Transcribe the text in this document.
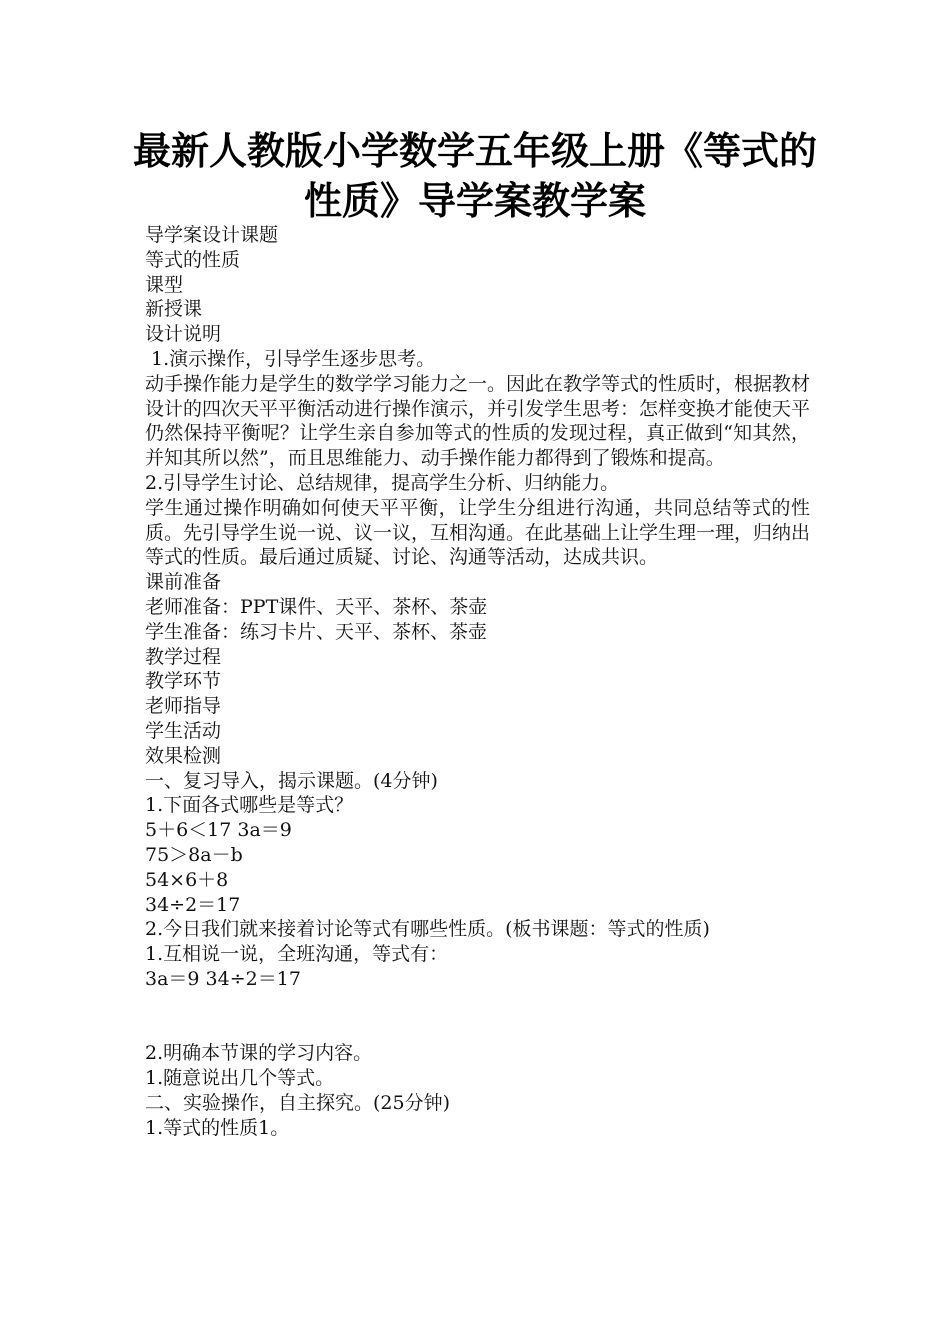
最新人教版小学数学五年级上册《等式的性质》导学案教学案
导学案设计课题
等式的性质
课型
新授课
设计说明
1.演示操作，引导学生逐步思考。
动手操作能力是学生的数学学习能力之一。因此在教学等式的性质时，根据教材设计的四次天平平衡活动进行操作演示，并引发学生思考：怎样变换才能使天平仍然保持平衡呢？让学生亲自参加等式的性质的发现过程，真正做到“知其然，并知其所以然”，而且思维能力、动手操作能力都得到了锻炼和提高。
2.引导学生讨论、总结规律，提高学生分析、归纳能力。
学生通过操作明确如何使天平平衡，让学生分组进行沟通，共同总结等式的性质。先引导学生说一说、议一议，互相沟通。在此基础上让学生理一理，归纳出等式的性质。最后通过质疑、讨论、沟通等活动，达成共识。
课前准备
老师准备：PPT课件、天平、茶杯、茶壶
学生准备：练习卡片、天平、茶杯、茶壶
教学过程
教学环节
老师指导
学生活动
效果检测
一、复习导入，揭示课题。(4分钟)
1.下面各式哪些是等式？
5＋6＜17 3a＝9
75＞8a－b
54×6＋8
34÷2＝17
2.今日我们就来接着讨论等式有哪些性质。(板书课题：等式的性质)
1.互相说一说，全班沟通，等式有：
3a＝9 34÷2＝17
2.明确本节课的学习内容。
1.随意说出几个等式。
二、实验操作，自主探究。(25分钟)
1.等式的性质1。
